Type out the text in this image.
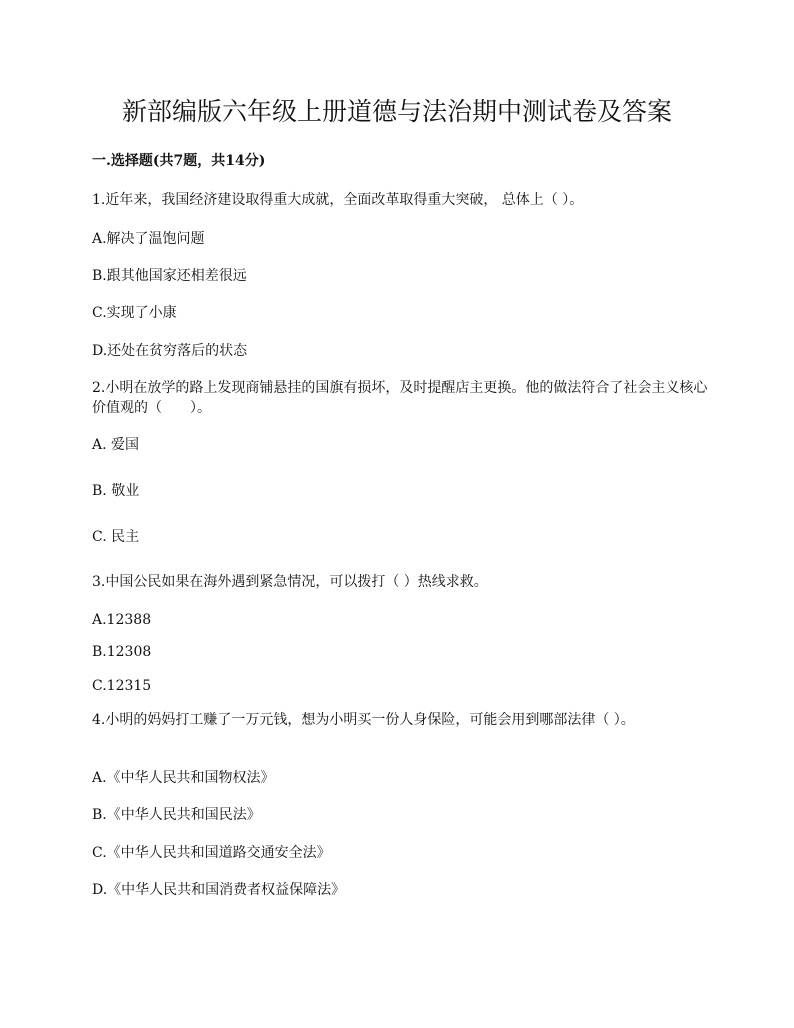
新部编版六年级上册道德与法治期中测试卷及答案
一.选择题(共7题，共14分)
1.近年来，我国经济建设取得重大成就，全面改革取得重大突破， 总体上（ ）。
A.解决了温饱问题
B.跟其他国家还相差很远
C.实现了小康
D.还处在贫穷落后的状态
2.小明在放学的路上发现商铺悬挂的国旗有损坏，及时提醒店主更换。他的做法符合了社会主义核心价值观的（　　）。
A. 爱国
B. 敬业
C. 民主
3.中国公民如果在海外遇到紧急情况，可以拨打（ ）热线求救。
A.12388
B.12308
C.12315
4.小明的妈妈打工赚了一万元钱，想为小明买一份人身保险，可能会用到哪部法律（ ）。
A.《中华人民共和国物权法》
B.《中华人民共和国民法》
C.《中华人民共和国道路交通安全法》
D.《中华人民共和国消费者权益保障法》
